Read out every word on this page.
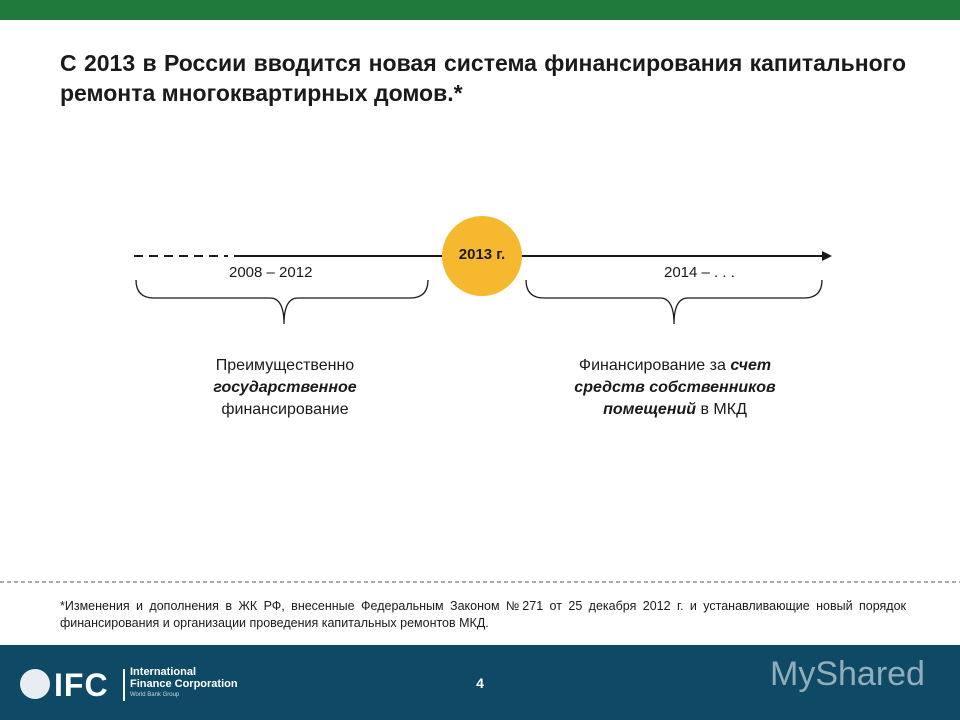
С 2013 в России вводится новая система финансирования капитального ремонта многоквартирных домов.*
2013 г.
2008 – 2012	2014 – . . .
Преимущественно
государственное
финансирование
Финансирование за счет
средств собственников
помещений в МКД

*Изменения и дополнения в ЖК РФ, внесенные Федеральным Законом №271 от 25 декабря 2012 г. и устанавливающие новый порядок финансирования и организации проведения капитальных ремонтов МКД.

IFC International
Finance Corporation
World Bank Group
4	MyShared
